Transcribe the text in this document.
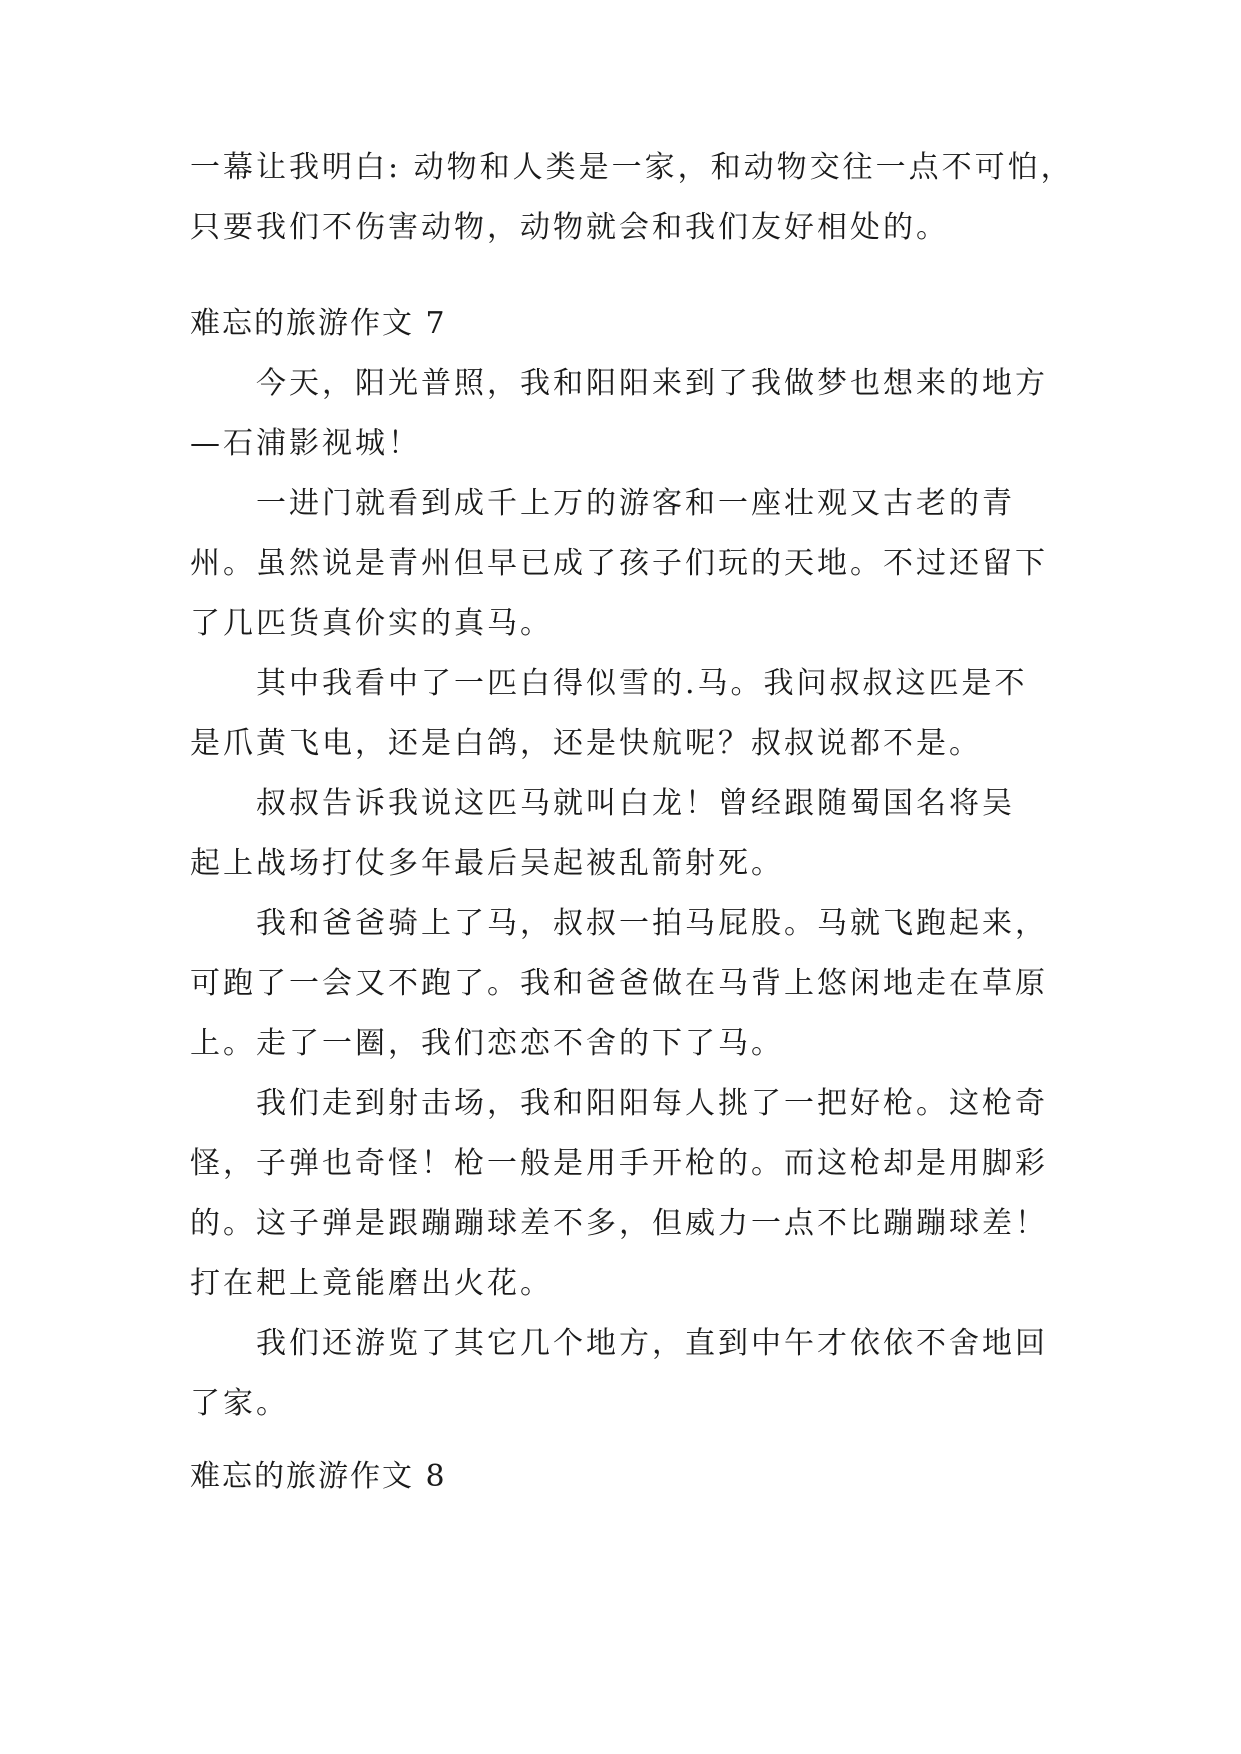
一幕让我明白: 动物和人类是一家，和动物交往一点不可怕，
只要我们不伤害动物，动物就会和我们友好相处的。
难忘的旅游作文 7
今天，阳光普照，我和阳阳来到了我做梦也想来的地方
—石浦影视城！
一进门就看到成千上万的游客和一座壮观又古老的青
州。虽然说是青州但早已成了孩子们玩的天地。不过还留下
了几匹货真价实的真马。
其中我看中了一匹白得似雪的.马。我问叔叔这匹是不
是爪黄飞电，还是白鸽，还是快航呢？叔叔说都不是。
叔叔告诉我说这匹马就叫白龙！曾经跟随蜀国名将吴
起上战场打仗多年最后吴起被乱箭射死。
我和爸爸骑上了马，叔叔一拍马屁股。马就飞跑起来，
可跑了一会又不跑了。我和爸爸做在马背上悠闲地走在草原
上。走了一圈，我们恋恋不舍的下了马。
我们走到射击场，我和阳阳每人挑了一把好枪。这枪奇
怪，子弹也奇怪！枪一般是用手开枪的。而这枪却是用脚彩
的。这子弹是跟蹦蹦球差不多，但威力一点不比蹦蹦球差！
打在耙上竟能磨出火花。
我们还游览了其它几个地方，直到中午才依依不舍地回
了家。
难忘的旅游作文 8
